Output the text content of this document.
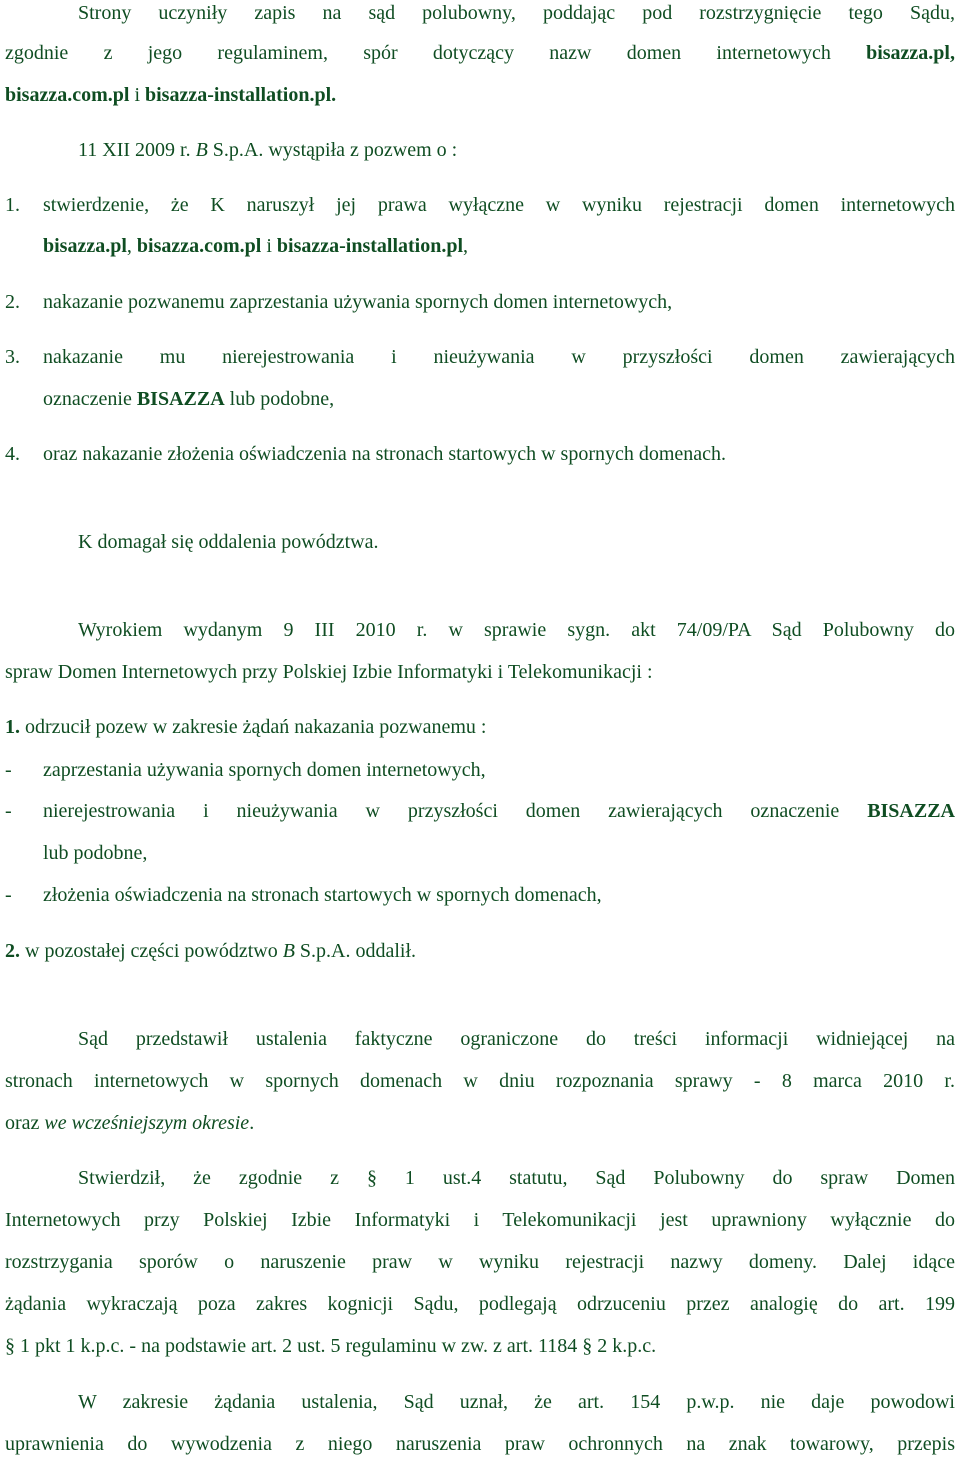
Strony uczyniły zapis na sąd polubowny, poddając pod rozstrzygnięcie tego Sądu,
zgodnie z jego regulaminem, spór dotyczący nazw domen internetowych bisazza.pl,
bisazza.com.pl i bisazza-installation.pl.
11 XII 2009 r. B S.p.A. wystąpiła z pozwem o :
1. stwierdzenie, że K naruszył jej prawa wyłączne w wyniku rejestracji domen internetowych
bisazza.pl, bisazza.com.pl i bisazza-installation.pl,
2. nakazanie pozwanemu zaprzestania używania spornych domen internetowych,
3. nakazanie mu nierejestrowania i nieużywania w przyszłości domen zawierających
oznaczenie BISAZZA lub podobne,
4. oraz nakazanie złożenia oświadczenia na stronach startowych w spornych domenach.
K domagał się oddalenia powództwa.
Wyrokiem wydanym 9 III 2010 r. w sprawie sygn. akt 74/09/PA Sąd Polubowny do
spraw Domen Internetowych przy Polskiej Izbie Informatyki i Telekomunikacji :
1. odrzucił pozew w zakresie żądań nakazania pozwanemu :
- zaprzestania używania spornych domen internetowych,
- nierejestrowania i nieużywania w przyszłości domen zawierających oznaczenie BISAZZA
lub podobne,
- złożenia oświadczenia na stronach startowych w spornych domenach,
2. w pozostałej części powództwo B S.p.A. oddalił.
Sąd przedstawił ustalenia faktyczne ograniczone do treści informacji widniejącej na
stronach internetowych w spornych domenach w dniu rozpoznania sprawy - 8 marca 2010 r.
oraz we wcześniejszym okresie.
Stwierdził, że zgodnie z § 1 ust.4 statutu, Sąd Polubowny do spraw Domen
Internetowych przy Polskiej Izbie Informatyki i Telekomunikacji jest uprawniony wyłącznie do
rozstrzygania sporów o naruszenie praw w wyniku rejestracji nazwy domeny. Dalej idące
żądania wykraczają poza zakres kognicji Sądu, podlegają odrzuceniu przez analogię do art. 199
§ 1 pkt 1 k.p.c. - na podstawie art. 2 ust. 5 regulaminu w zw. z art. 1184 § 2 k.p.c.
W zakresie żądania ustalenia, Sąd uznał, że art. 154 p.w.p. nie daje powodowi
uprawnienia do wywodzenia z niego naruszenia praw ochronnych na znak towarowy, przepis
